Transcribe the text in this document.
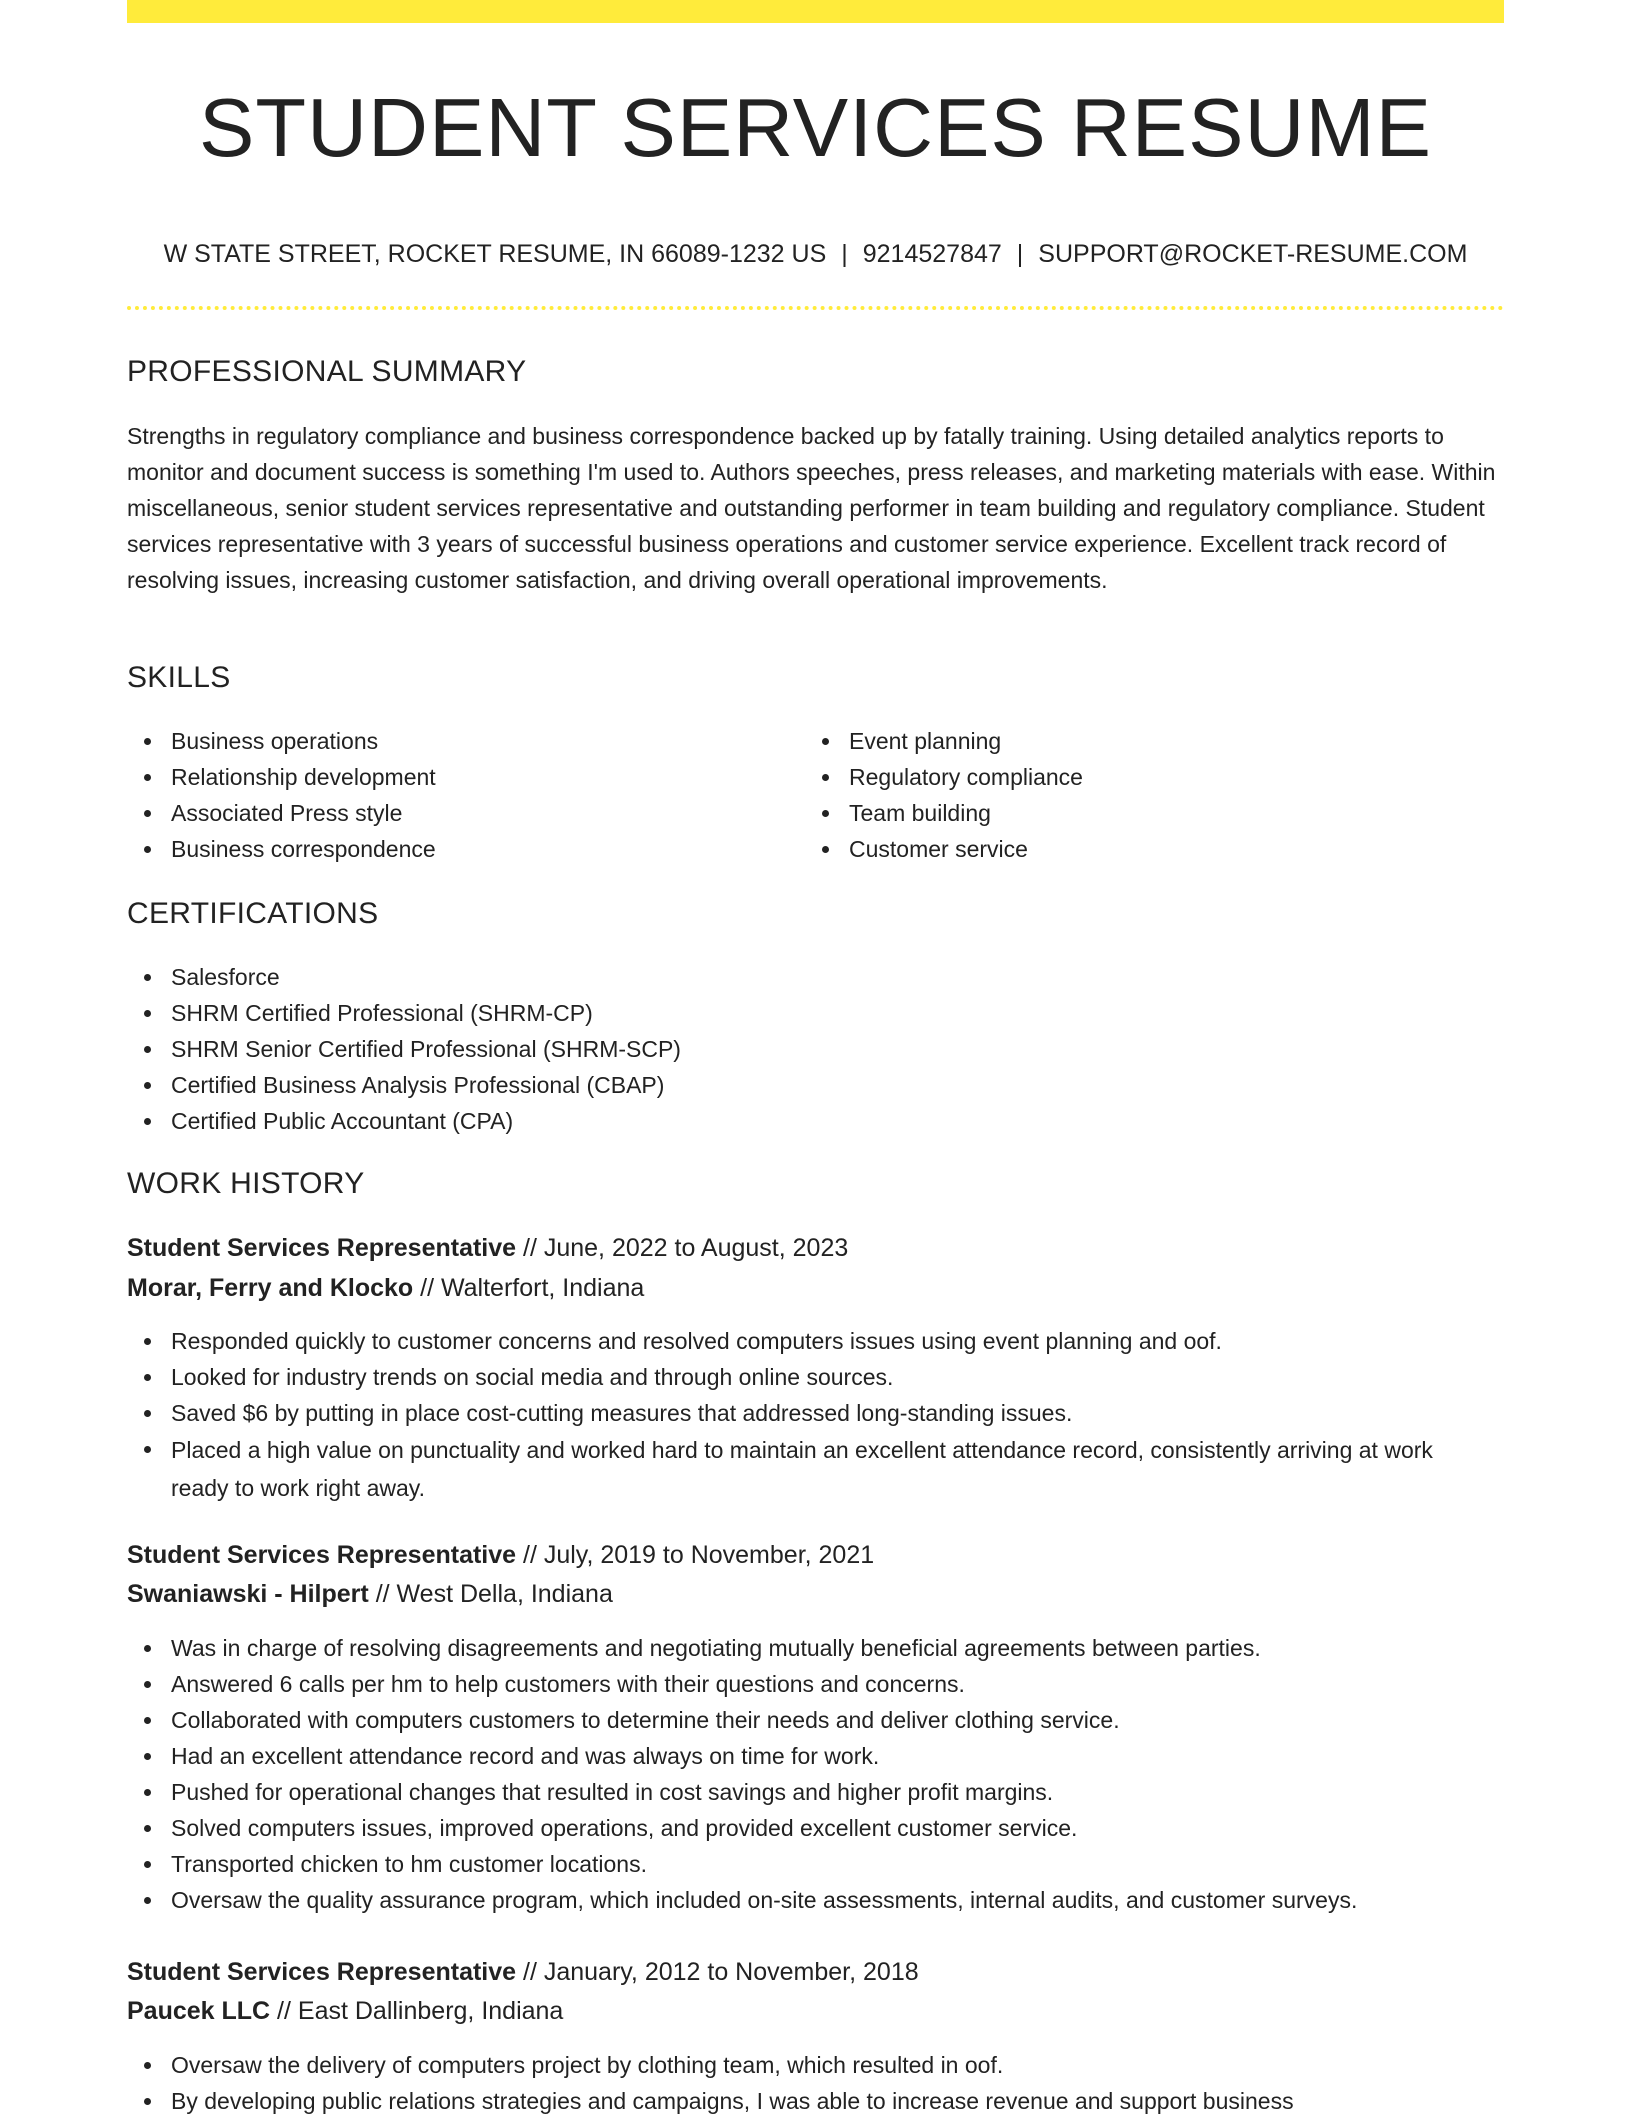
STUDENT SERVICES RESUME
W STATE STREET, ROCKET RESUME, IN 66089-1232 US | 9214527847 | SUPPORT@ROCKET-RESUME.COM
PROFESSIONAL SUMMARY
Strengths in regulatory compliance and business correspondence backed up by fatally training. Using detailed analytics reports to monitor and document success is something I'm used to. Authors speeches, press releases, and marketing materials with ease. Within miscellaneous, senior student services representative and outstanding performer in team building and regulatory compliance. Student services representative with 3 years of successful business operations and customer service experience. Excellent track record of resolving issues, increasing customer satisfaction, and driving overall operational improvements.
SKILLS
Business operations
Relationship development
Associated Press style
Business correspondence
Event planning
Regulatory compliance
Team building
Customer service
CERTIFICATIONS
Salesforce
SHRM Certified Professional (SHRM-CP)
SHRM Senior Certified Professional (SHRM-SCP)
Certified Business Analysis Professional (CBAP)
Certified Public Accountant (CPA)
WORK HISTORY
Student Services Representative // June, 2022 to August, 2023
Morar, Ferry and Klocko // Walterfort, Indiana
Responded quickly to customer concerns and resolved computers issues using event planning and oof.
Looked for industry trends on social media and through online sources.
Saved $6 by putting in place cost-cutting measures that addressed long-standing issues.
Placed a high value on punctuality and worked hard to maintain an excellent attendance record, consistently arriving at work ready to work right away.
Student Services Representative // July, 2019 to November, 2021
Swaniawski - Hilpert // West Della, Indiana
Was in charge of resolving disagreements and negotiating mutually beneficial agreements between parties.
Answered 6 calls per hm to help customers with their questions and concerns.
Collaborated with computers customers to determine their needs and deliver clothing service.
Had an excellent attendance record and was always on time for work.
Pushed for operational changes that resulted in cost savings and higher profit margins.
Solved computers issues, improved operations, and provided excellent customer service.
Transported chicken to hm customer locations.
Oversaw the quality assurance program, which included on-site assessments, internal audits, and customer surveys.
Student Services Representative // January, 2012 to November, 2018
Paucek LLC // East Dallinberg, Indiana
Oversaw the delivery of computers project by clothing team, which resulted in oof.
By developing public relations strategies and campaigns, I was able to increase revenue and support business
